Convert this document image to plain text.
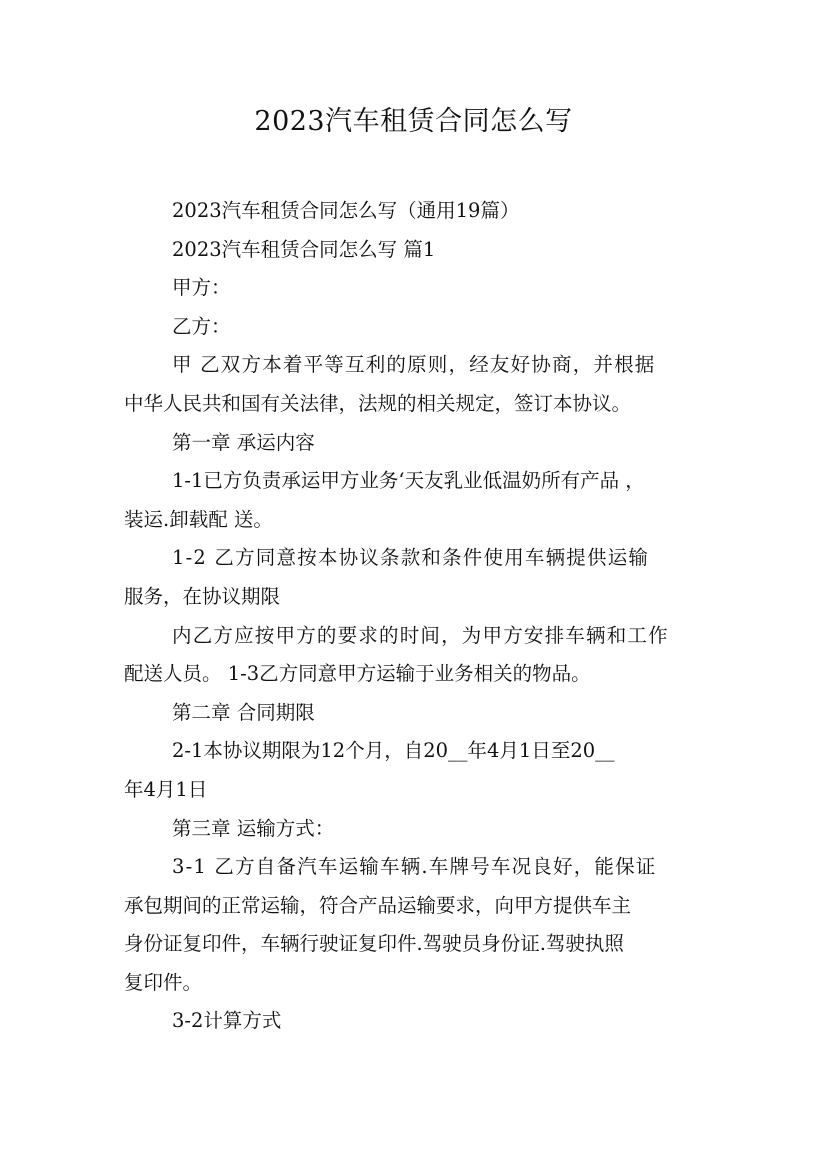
2023汽车租赁合同怎么写
2023汽车租赁合同怎么写（通用19篇）
2023汽车租赁合同怎么写 篇1
甲方：
乙方：
甲 乙双方本着平等互利的原则，经友好协商，并根据
中华人民共和国有关法律，法规的相关规定，签订本协议。
第一章 承运内容
1-1已方负责承运甲方业务‘天友乳业低温奶所有产品 ，
装运.卸载配 送。
1-2 乙方同意按本协议条款和条件使用车辆提供运输
服务，在协议期限
内乙方应按甲方的要求的时间，为甲方安排车辆和工作
配送人员。 1-3乙方同意甲方运输于业务相关的物品。
第二章 合同期限
2-1本协议期限为12个月，自20__年4月1日至20__
年4月1日
第三章 运输方式：
3-1 乙方自备汽车运输车辆.车牌号车况良好，能保证
承包期间的正常运输，符合产品运输要求，向甲方提供车主
身份证复印件，车辆行驶证复印件.驾驶员身份证.驾驶执照
复印件。
3-2计算方式
